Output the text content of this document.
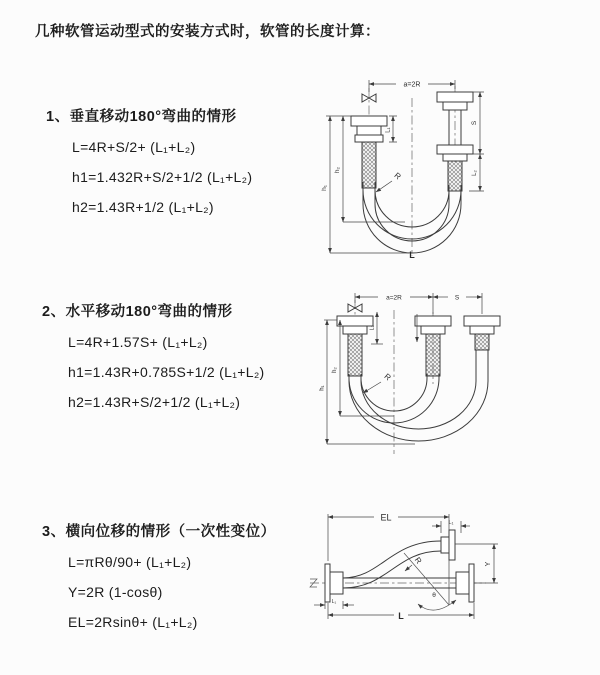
几种软管运动型式的安装方式时，软管的长度计算：
1、垂直移动180°弯曲的情形
L=4R+S/2+ (L₁+L₂)
h1=1.432R+S/2+1/2 (L₁+L₂)
h2=1.43R+1/2 (L₁+L₂)
2、水平移动180°弯曲的情形
L=4R+1.57S+ (L₁+L₂)
h1=1.43R+0.785S+1/2 (L₁+L₂)
h2=1.43R+S/2+1/2 (L₁+L₂)
3、横向位移的情形（一次性变位）
L=πRθ/90+ (L₁+L₂)
Y=2R (1-cosθ)
EL=2Rsinθ+ (L₁+L₂)
a=2R
R
S
L₂
L₁
h₂
h₁
L
a=2R	S
R
L₁
h₂
h₁
EL
L₁
Y
θ
R
L
L₁
